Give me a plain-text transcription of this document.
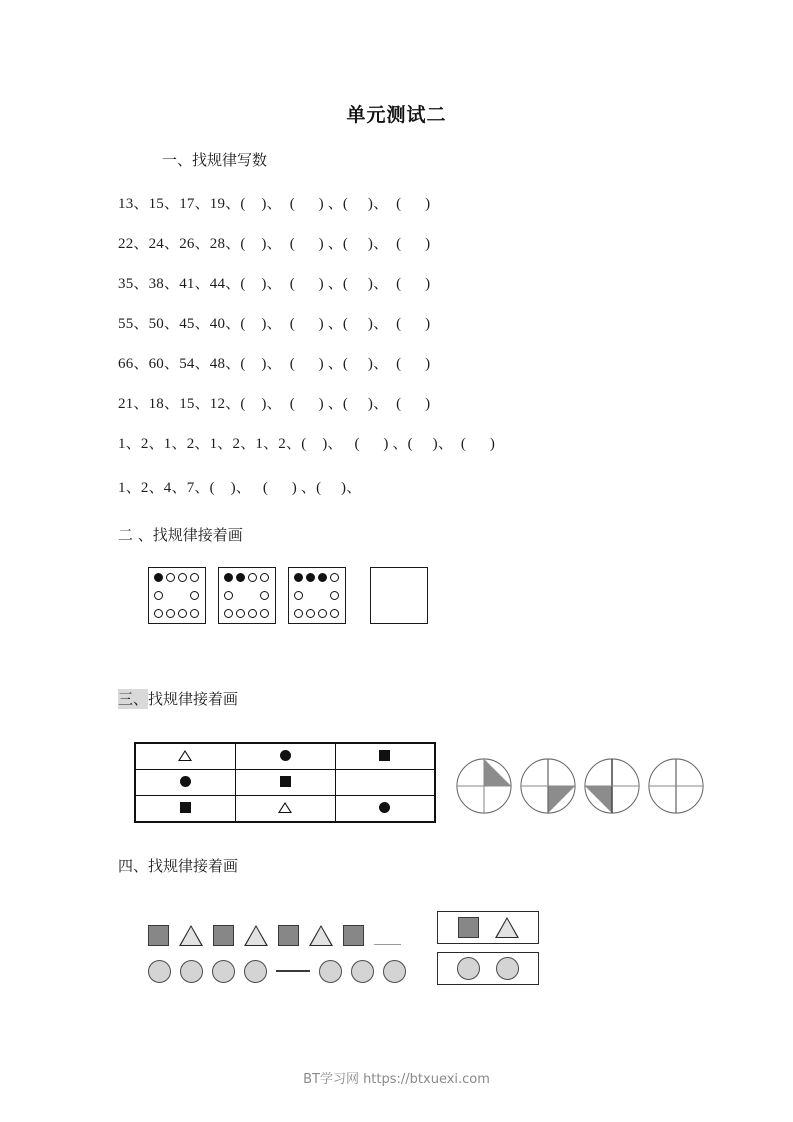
单元测试二
一、找规律写数
13、15、17、19、(    )、  (      ) 、(     )、  (      )
22、24、26、28、(    )、  (      ) 、(     )、  (      )
35、38、41、44、(    )、  (      ) 、(     )、  (      )
55、50、45、40、(    )、  (      ) 、(     )、  (      )
66、60、54、48、(    )、  (      ) 、(     )、  (      )
21、18、15、12、(    )、  (      ) 、(     )、  (      )
1、2、1、2、1、2、1、2、(    )、   (      ) 、(     )、  (      )
1、2、4、7、(    )、   (      ) 、(     )、
二 、找规律接着画
三、找规律接着画

四、找规律接着画
BT学习网 https://btxuexi.com
